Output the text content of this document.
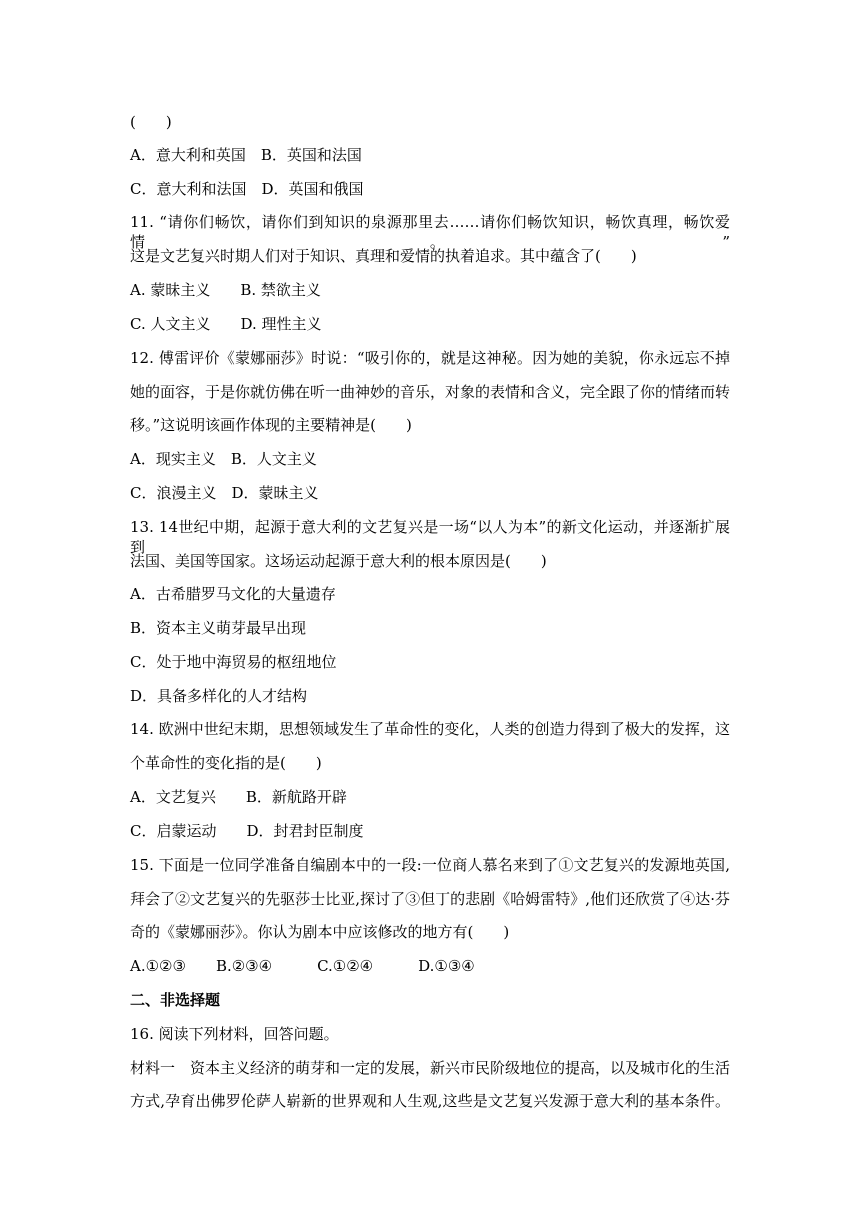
(　　)
A．意大利和英国　B．英国和法国
C．意大利和法国　D．英国和俄国
11. “请你们畅饮，请你们到知识的泉源那里去……请你们畅饮知识，畅饮真理，畅饮爱情。”
这是文艺复兴时期人们对于知识、真理和爱情的执着追求。其中蕴含了(　　)
A. 蒙昧主义　　B. 禁欲主义
C. 人文主义　　D. 理性主义
12. 傅雷评价《蒙娜丽莎》时说：“吸引你的，就是这神秘。因为她的美貌，你永远忘不掉
她的面容，于是你就仿佛在听一曲神妙的音乐，对象的表情和含义，完全跟了你的情绪而转
移。”这说明该画作体现的主要精神是(　　)
A．现实主义　B．人文主义
C．浪漫主义　D．蒙昧主义
13. 14世纪中期，起源于意大利的文艺复兴是一场“以人为本”的新文化运动，并逐渐扩展到
法国、美国等国家。这场运动起源于意大利的根本原因是(　　)
A．古希腊罗马文化的大量遗存
B．资本主义萌芽最早出现
C．处于地中海贸易的枢纽地位
D．具备多样化的人才结构
14. 欧洲中世纪末期，思想领域发生了革命性的变化，人类的创造力得到了极大的发挥，这
个革命性的变化指的是(　　)
A．文艺复兴　　B．新航路开辟
C．启蒙运动　　D．封君封臣制度
15. 下面是一位同学准备自编剧本中的一段:一位商人慕名来到了①文艺复兴的发源地英国,
拜会了②文艺复兴的先驱莎士比亚,探讨了③但丁的悲剧《哈姆雷特》,他们还欣赏了④达·芬
奇的《蒙娜丽莎》。你认为剧本中应该修改的地方有(　　)
A.①②③　　B.②③④　　　C.①②④　　　D.①③④
二、非选择题
16. 阅读下列材料，回答问题。
材料一　资本主义经济的萌芽和一定的发展，新兴市民阶级地位的提高，以及城市化的生活
方式,孕育出佛罗伦萨人崭新的世界观和人生观,这些是文艺复兴发源于意大利的基本条件。
